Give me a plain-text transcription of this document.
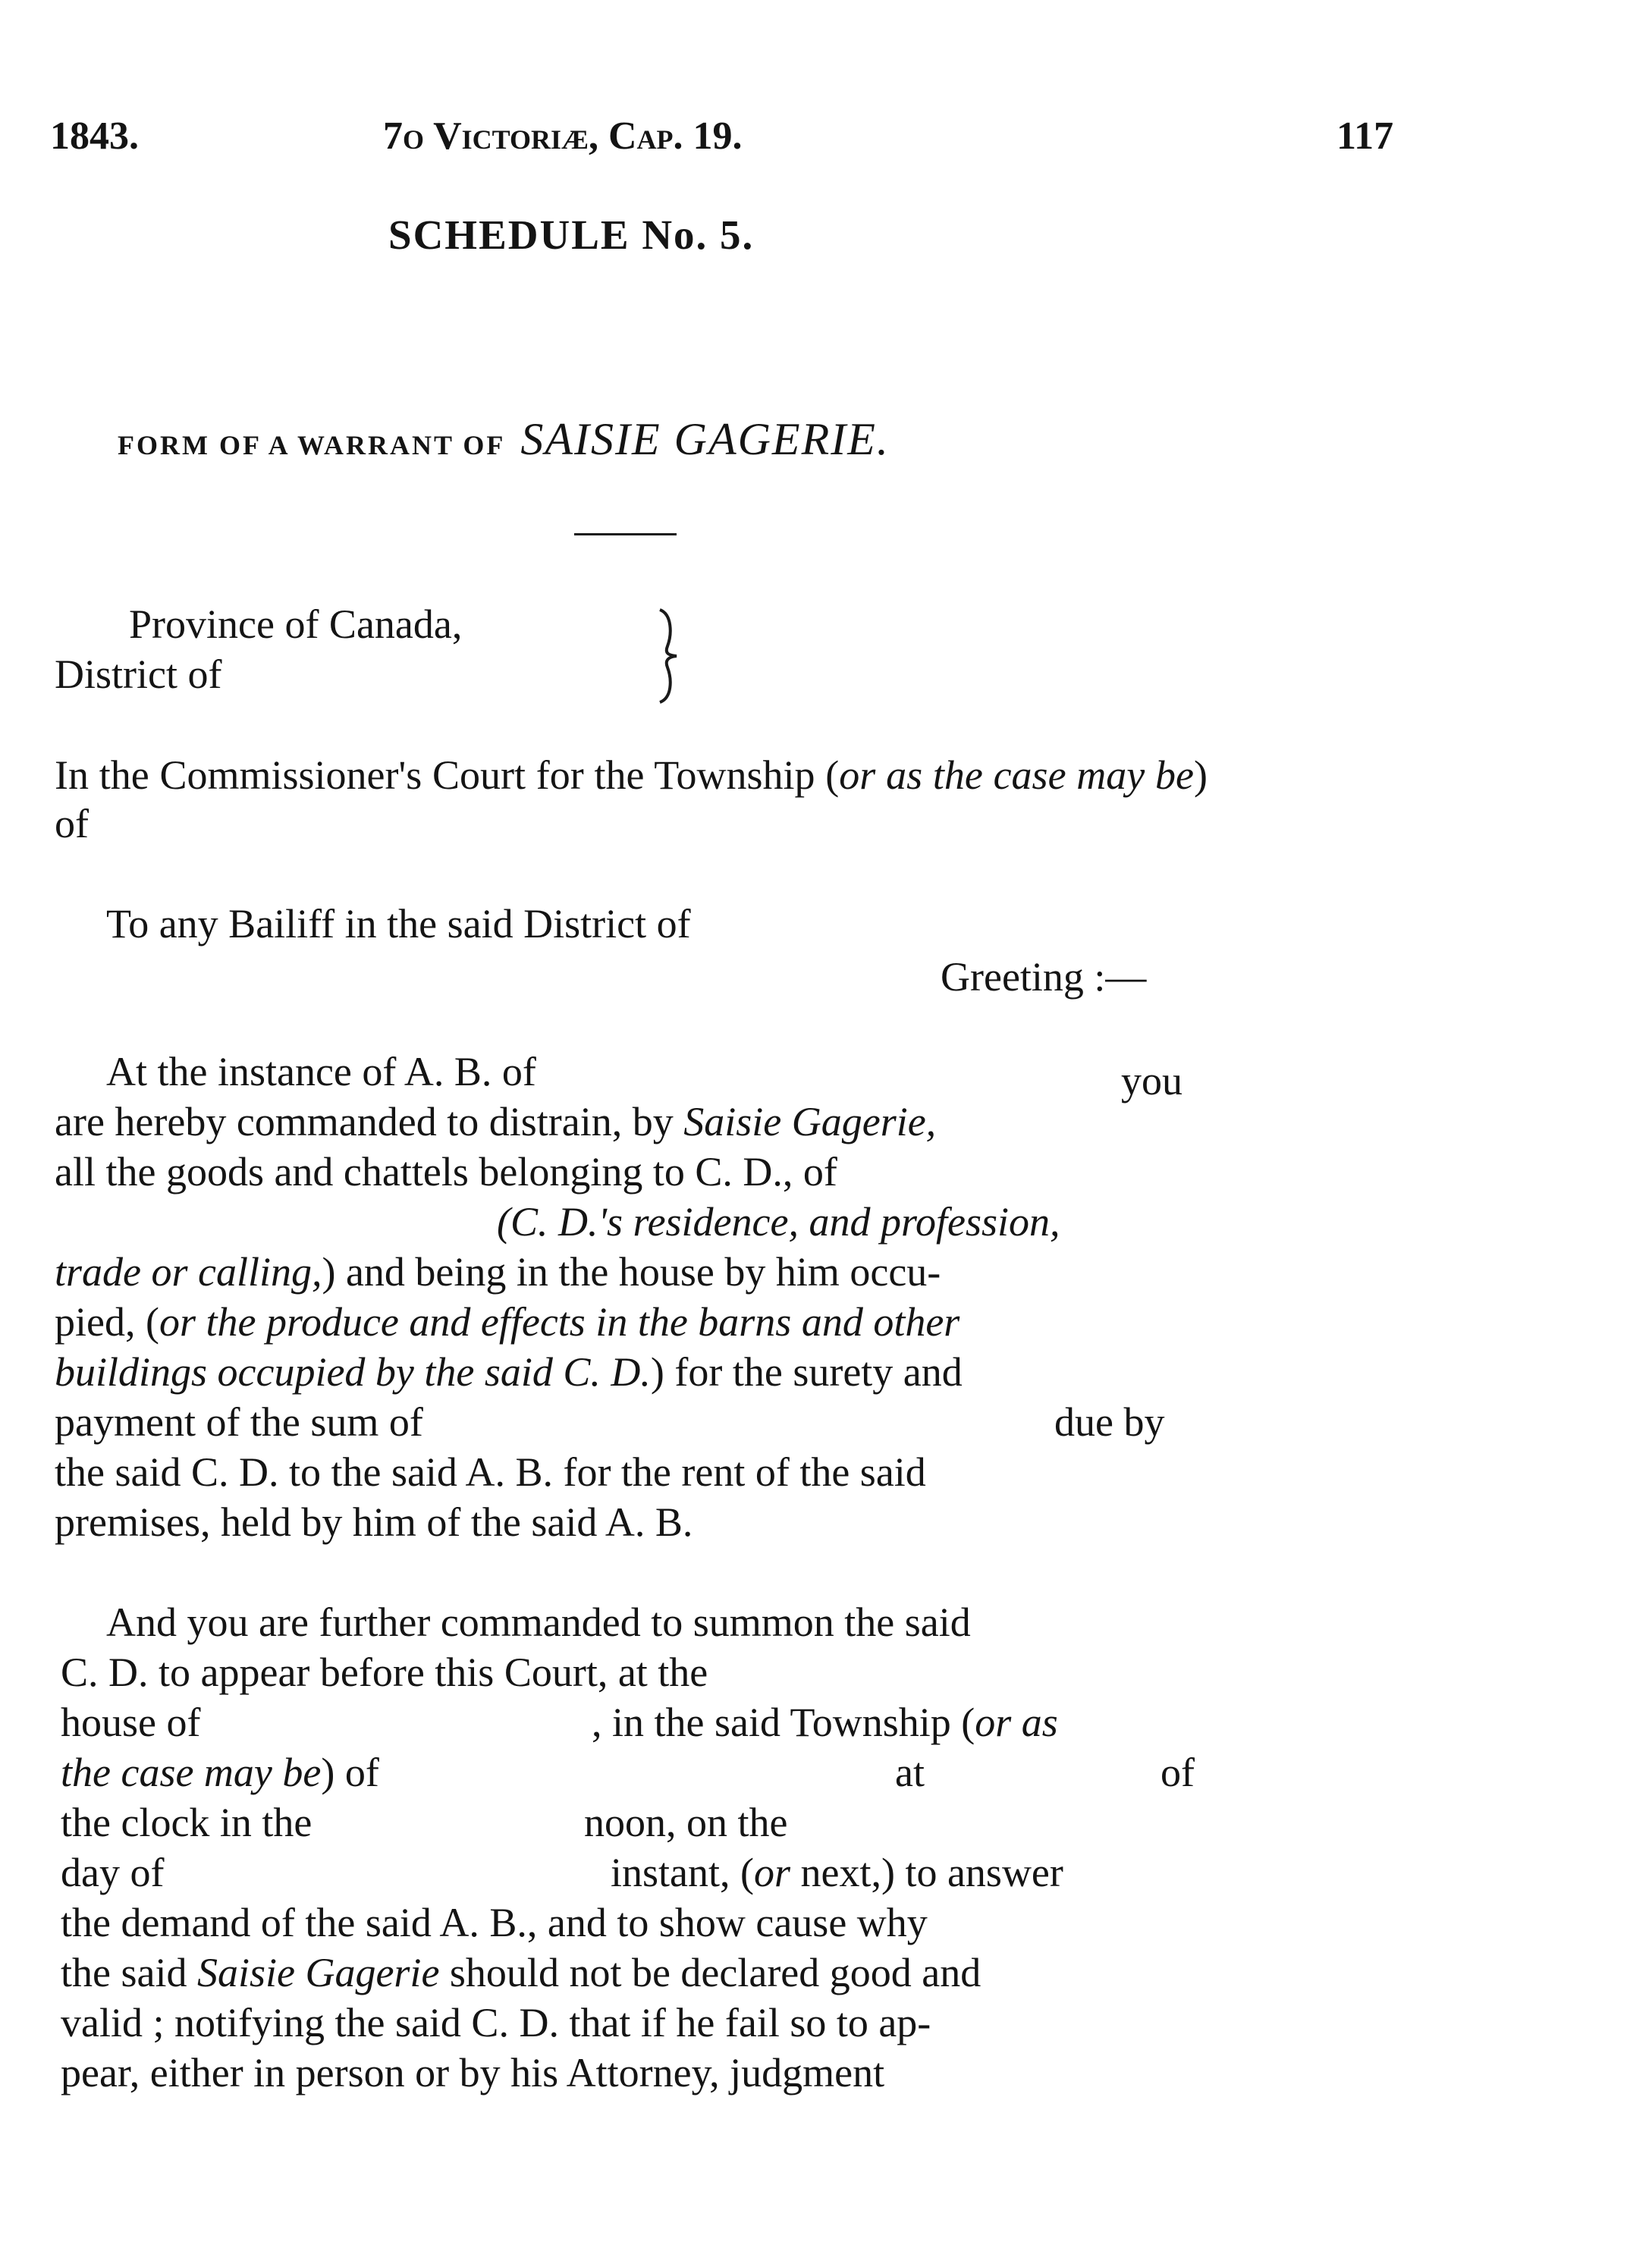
1843.	7o Victoriæ, Cap. 19.	117
SCHEDULE No. 5.
FORM OF A WARRANT OF SAISIE GAGERIE.
Province of Canada,
District of
In the Commissioner's Court for the Township (or as the case may be) of
To any Bailiff in the said District of
Greeting :—
At the instance of A. B. of	you
are hereby commanded to distrain, by Saisie Gagerie,
all the goods and chattels belonging to C. D., of
(C. D.'s residence, and profession,
trade or calling,) and being in the house by him occu-
pied, (or the produce and effects in the barns and other
buildings occupied by the said C. D.) for the surety and
payment of the sum of	due by
the said C. D. to the said A. B. for the rent of the said
premises, held by him of the said A. B.
And you are further commanded to summon the said
C. D. to appear before this Court, at the
house of	, in the said Township (or as
the case may be) of	at	of
the clock in the	noon, on the
day of	instant, (or next,) to answer
the demand of the said A. B., and to show cause why
the said Saisie Gagerie should not be declared good and
valid ; notifying the said C. D. that if he fail so to ap-
pear, either in person or by his Attorney, judgment
